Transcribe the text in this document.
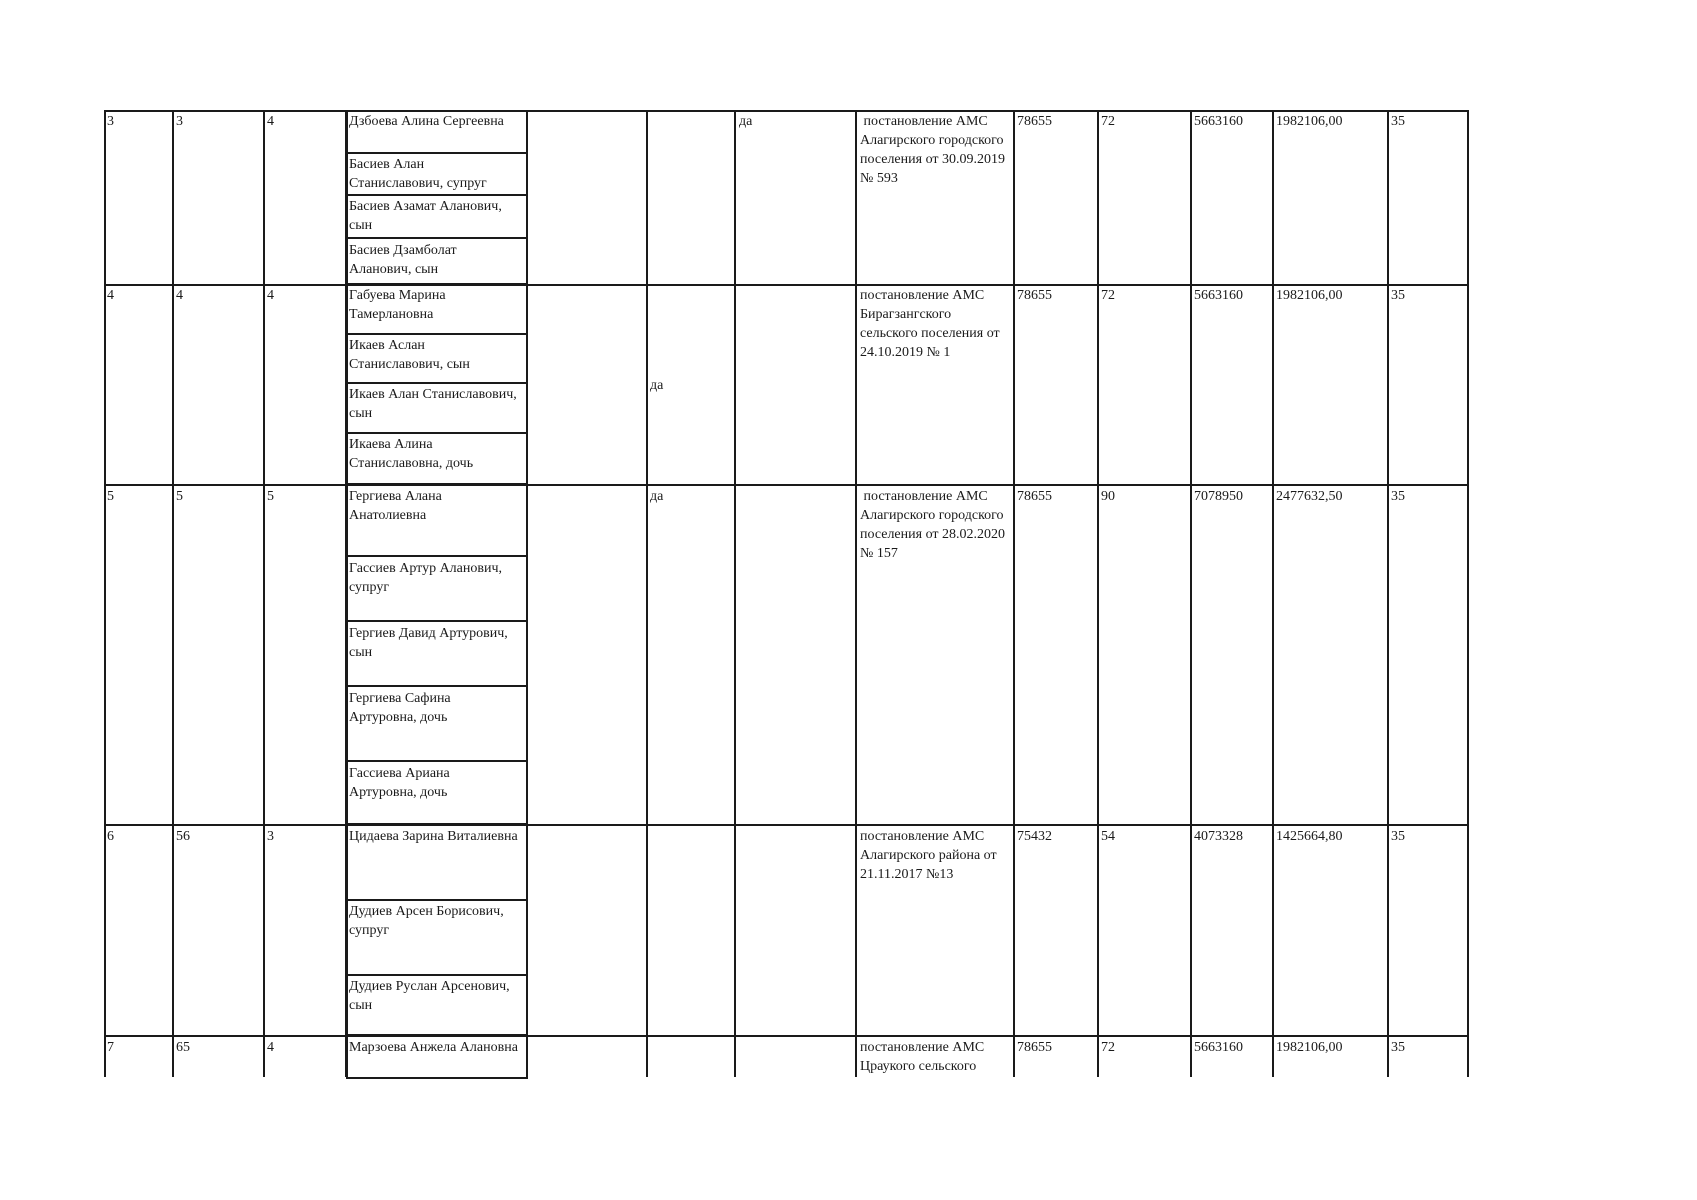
3	3	4	Дзбоева Алина Сергеевна
Басиев Алан
Станиславович, супруг
Басиев Азамат Аланович,
сын
Басиев Дзамболат
Аланович, сын
да	постановление АМС
Алагирского городского
поселения от 30.09.2019
№ 593
78655	72	5663160 1982106,00	35
4	4	4	Габуева Марина
Тамерлановна
Икаев Аслан
Станиславович, сын
Икаев Алан Станиславович,
сын
Икаева Алина
Станиславовна, дочь
да
постановление АМС
Бирагзангского
сельского поселения от
24.10.2019 № 1
78655	72	5663160 1982106,00	35
5	5	5	Гергиева Алана
Анатолиевна
Гассиев Артур Аланович,
супруг
Гергиев Давид Артурович,
сын
Гергиева Сафина
Артуровна, дочь
Гассиева Ариана
Артуровна, дочь
да	постановление АМС
Алагирского городского
поселения от 28.02.2020
№ 157
78655	90	7078950 2477632,50	35
6	56	3	Цидаева Зарина Виталиевна
Дудиев Арсен Борисович,
супруг
Дудиев Руслан Арсенович,
сын
постановление АМС
Алагирского района от
21.11.2017 №13
75432	54	4073328 1425664,80	35
7	65	4	Марзоева Анжела Алановна	постановление АМС
Цраукого сельского
78655	72	5663160 1982106,00	35
